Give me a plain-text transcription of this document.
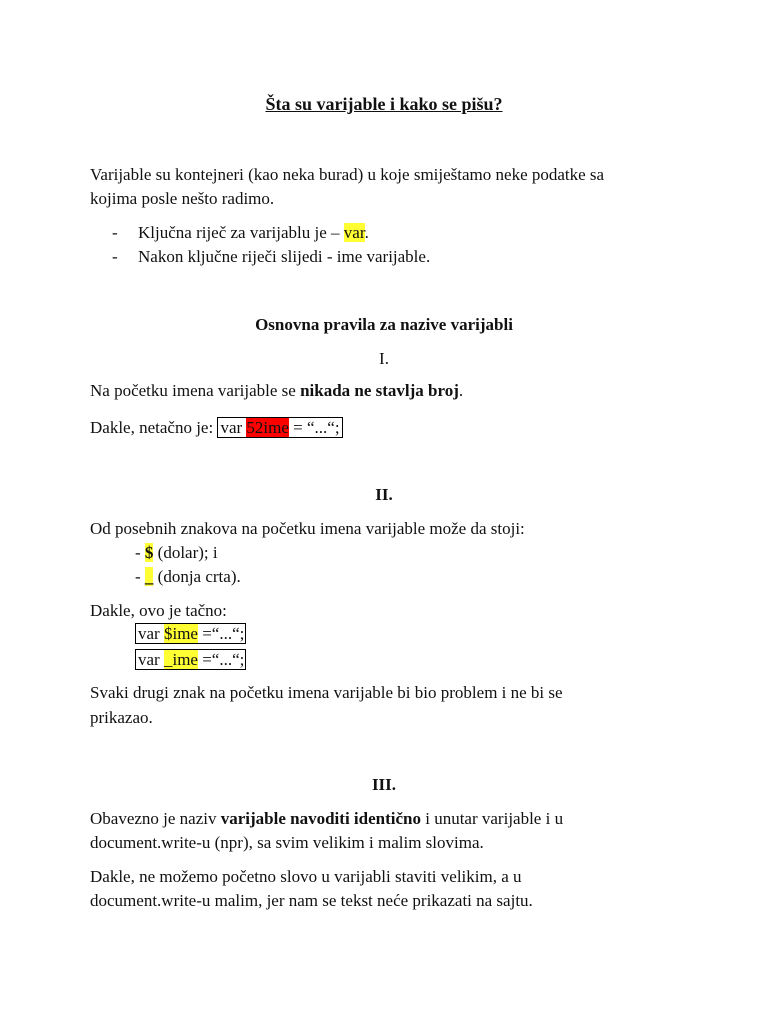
Šta su varijable i kako se pišu?
Varijable su kontejneri (kao neka burad) u koje smiještamo neke podatke sa
kojima posle nešto radimo.
- Ključna riječ za varijablu je – var.
- Nakon ključne riječi slijedi - ime varijable.
Osnovna pravila za nazive varijabli
I.
Na početku imena varijable se nikada ne stavlja broj.
Dakle, netačno je: var 52ime = “...“;
II.
Od posebnih znakova na početku imena varijable može da stoji:
- $ (dolar); i
- _ (donja crta).
Dakle, ovo je tačno:
var $ime =“...“;
var _ime =“...“;
Svaki drugi znak na početku imena varijable bi bio problem i ne bi se
prikazao.
III.
Obavezno je naziv varijable navoditi identično i unutar varijable i u
document.write-u (npr), sa svim velikim i malim slovima.
Dakle, ne možemo početno slovo u varijabli staviti velikim, a u
document.write-u malim, jer nam se tekst neće prikazati na sajtu.
